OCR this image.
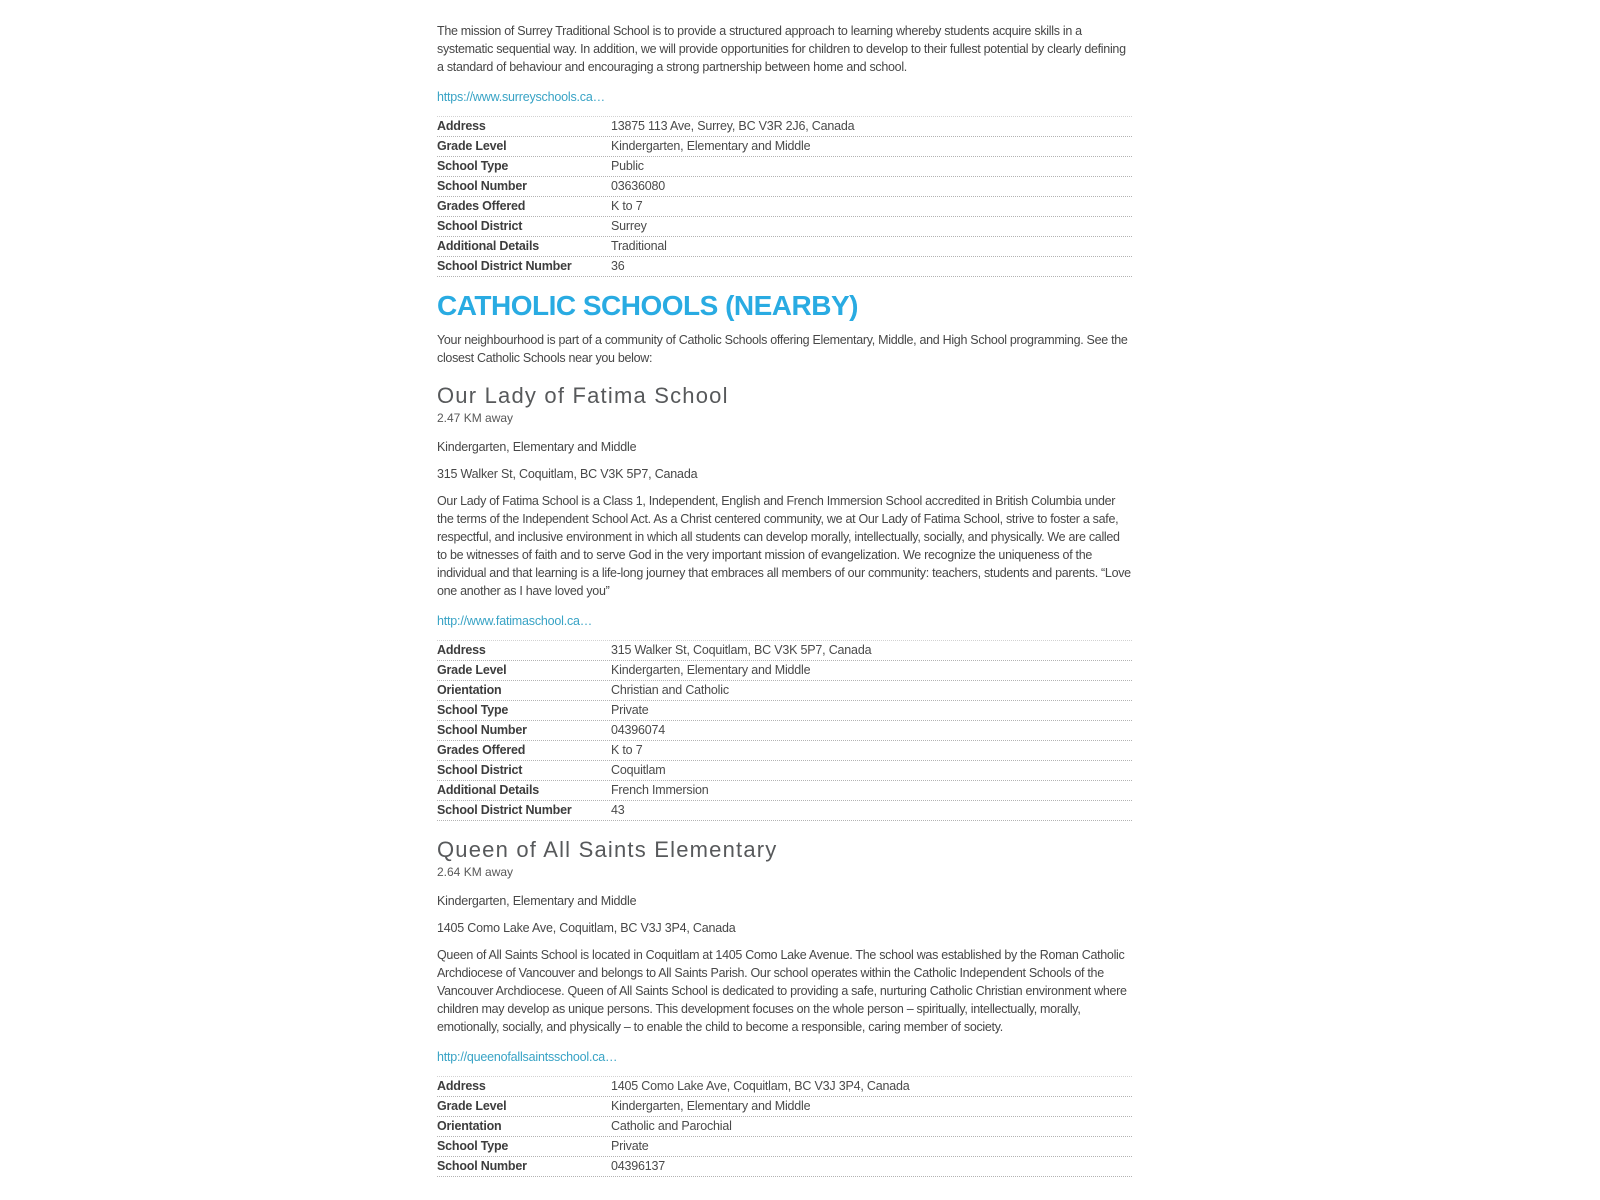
The mission of Surrey Traditional School is to provide a structured approach to learning whereby students acquire skills in a systematic sequential way. In addition, we will provide opportunities for children to develop to their fullest potential by clearly defining a standard of behaviour and encouraging a strong partnership between home and school.

https://www.surreyschools.ca…
Address	13875 113 Ave, Surrey, BC V3R 2J6, Canada
Grade Level	Kindergarten, Elementary and Middle
School Type	Public
School Number	03636080
Grades Offered	K to 7
School District	Surrey
Additional Details	Traditional
School District Number	36
CATHOLIC SCHOOLS (NEARBY)

Your neighbourhood is part of a community of Catholic Schools offering Elementary, Middle, and High School programming. See the closest Catholic Schools near you below:

Our Lady of Fatima School
2.47 KM away

Kindergarten, Elementary and Middle

315 Walker St, Coquitlam, BC V3K 5P7, Canada

Our Lady of Fatima School is a Class 1, Independent, English and French Immersion School accredited in British Columbia under the terms of the Independent School Act. As a Christ centered community, we at Our Lady of Fatima School, strive to foster a safe, respectful, and inclusive environment in which all students can develop morally, intellectually, socially, and physically. We are called to be witnesses of faith and to serve God in the very important mission of evangelization. We recognize the uniqueness of the individual and that learning is a life-long journey that embraces all members of our community: teachers, students and parents. “Love one another as I have loved you”

http://www.fatimaschool.ca…
Address	315 Walker St, Coquitlam, BC V3K 5P7, Canada
Grade Level	Kindergarten, Elementary and Middle
Orientation	Christian and Catholic
School Type	Private
School Number	04396074
Grades Offered	K to 7
School District	Coquitlam
Additional Details	French Immersion
School District Number	43
Queen of All Saints Elementary
2.64 KM away

Kindergarten, Elementary and Middle

1405 Como Lake Ave, Coquitlam, BC V3J 3P4, Canada

Queen of All Saints School is located in Coquitlam at 1405 Como Lake Avenue. The school was established by the Roman Catholic Archdiocese of Vancouver and belongs to All Saints Parish. Our school operates within the Catholic Independent Schools of the Vancouver Archdiocese. Queen of All Saints School is dedicated to providing a safe, nurturing Catholic Christian environment where children may develop as unique persons. This development focuses on the whole person – spiritually, intellectually, morally, emotionally, socially, and physically – to enable the child to become a responsible, caring member of society.

http://queenofallsaintsschool.ca…
Address	1405 Como Lake Ave, Coquitlam, BC V3J 3P4, Canada
Grade Level	Kindergarten, Elementary and Middle
Orientation	Catholic and Parochial
School Type	Private
School Number	04396137
